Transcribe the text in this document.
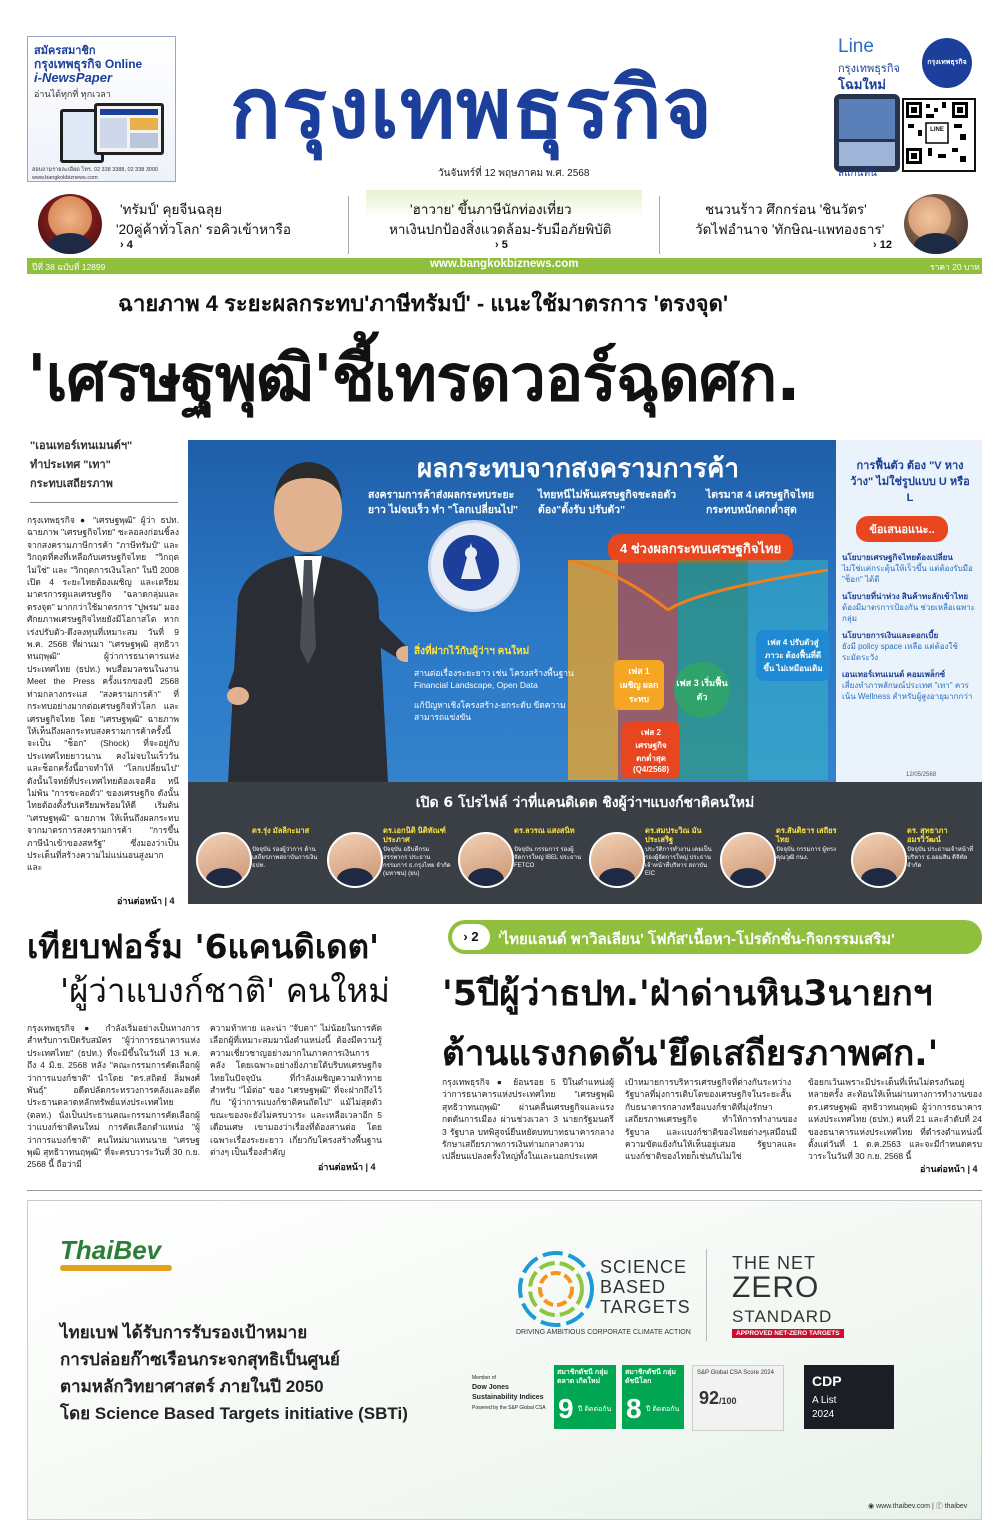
สมัครสมาชิก
กรุงเทพธุรกิจ Online
i-NewsPaper
อ่านได้ทุกที่ ทุกเวลา
สอบถามรายละเอียด โทร. 02 338 3388, 02 338 3000
www.bangkokbiznews.com
กรุงเทพธุรกิจ
วันจันทร์ที่ 12 พฤษภาคม พ.ศ. 2568
Line
กรุงเทพธุรกิจ
โฉมใหม่
กรุงเทพธุรกิจ
LINE
สแกนที่นี่
'ทรัมป์' คุยจีนฉลุย
'20คู่ค้าทั่วโลก' รอคิวเข้าหารือ
› 4
'ฮาวาย' ขึ้นภาษีนักท่องเที่ยว
หาเงินปกป้องสิ่งแวดล้อม-รับมือภัยพิบัติ
› 5
ชนวนร้าว ศึกกร่อน 'ชินวัตร'
วัดไฟอำนาจ 'ทักษิณ-แพทองธาร'
› 12
ปีที่ 38 ฉบับที่ 12899	www.bangkokbiznews.com	ราคา 20 บาท
ฉายภาพ 4 ระยะผลกระทบ'ภาษีทรัมป์' - แนะใช้มาตรการ 'ตรงจุด'
'เศรษฐพุฒิ'ชี้เทรดวอร์ฉุดศก.
"เอนเทอร์เทนเมนต์ฯ"
ทำประเทศ "เทา"
กระทบเสถียรภาพ
กรุงเทพธุรกิจ ● "เศรษฐพุฒิ" ผู้ว่า ธปท. ฉายภาพ "เศรษฐกิจไทย" ชะลอลงก่อนชิ้ลงจากสงครามภาษีการค้า "ภาษีทรัมป์" และวิกฤตที่คงที่เหลือกับเศรษฐกิจไทย "วิกฤตไม่ใช่" และ "วิกฤตการเงินโลก" ในปี 2008 เปิด 4 ระยะไทยต้องเผชิญ และเตรียมมาตรการดูแลเศรษฐกิจ "ฉลาดกลุ่มและตรงจุด" มากกว่าใช้มาตรการ "ปูพรม" มองศักยภาพเศรษฐกิจไทยยังมีโอกาสโต หากเร่งปรับตัว-ดึงลงทุนที่เหมาะสม วันที่ 9 พ.ค. 2568 ที่ผ่านมา "เศรษฐพุฒิ สุทธิวาทนฤพุฒิ" ผู้ว่าการธนาคารแห่งประเทศไทย (ธปท.) พบสื่อมวลชนในงาน Meet the Press ครั้งแรกของปี 2568 ท่ามกลางกระแส "สงครามการค้า" ที่กระทบอย่างมากต่อเศรษฐกิจทั่วโลก และเศรษฐกิจไทย โดย "เศรษฐพุฒิ" ฉายภาพให้เห็นถึงผลกระทบสงครามการค้าครั้งนี้จะเป็น "ช็อก" (Shock) ที่จะอยู่กับประเทศไทยยาวนาน คงไม่จบในเร็ววัน และช็อกครั้งนี้อาจทำให้ "โลกเปลี่ยนไป" ดังนั้นโจทย์ที่ประเทศไทยต้องเจอคือ หนีไม่พ้น "การชะลอตัว" ของเศรษฐกิจ ดังนั้น ไทยต้องตั้งรับเตรียมพร้อมให้ดี เริ่มต้น "เศรษฐพุฒิ" ฉายภาพ ให้เห็นถึงผลกระทบจากมาตรการสงครามการค้า "การขึ้นภาษีนำเข้าของสหรัฐ" ซึ่งมองว่าเป็นประเด็นที่สร้างความไม่แน่นอนสูงมาก และ
อ่านต่อหน้า | 4
ผลกระทบจากสงครามการค้า
สงครามการค้าส่งผลกระทบระยะยาว ไม่จบเร็ว ทำ "โลกเปลี่ยนไป"
ไทยหนีไม่พ้นเศรษฐกิจชะลอตัว ต้อง"ตั้งรับ ปรับตัว"
ไตรมาส 4 เศรษฐกิจไทย กระทบหนักตกต่ำสุด
4 ช่วงผลกระทบเศรษฐกิจไทย
เฟส 1 เผชิญ ผลกระทบ
เฟส 2 เศรษฐกิจ ตกต่ำสุด (Q4/2568)
เฟส 3 เริ่มฟื้นตัว
เฟส 4 ปรับตัวสู่ภาวะ ต้องฟื้นที่ดีขึ้น ไม่เหมือนเดิม
สิ่งที่ฝากไว้กับผู้ว่าฯ คนใหม่
สานต่อเรื่องระยะยาว เช่น โครงสร้างพื้นฐาน Financial Landscape, Open Data
แก้ปัญหาเชิงโครงสร้าง-ยกระดับ ขีดความสามารถแข่งขัน
การฟื้นตัว ต้อง "V หางว้าง" ไม่ใช่รูปแบบ U หรือ L
ข้อเสนอแนะ..
นโยบายเศรษฐกิจไทยต้องเปลี่ยน
ไม่ใช่แค่กระตุ้นให้เร็วขึ้น แต่ต้องรับมือ "ช็อก" ได้ดี
นโยบายที่น่าห่วง สินค้าทะลักเข้าไทย
ต้องมีมาตรการป้องกัน ช่วยเหลือเฉพาะกลุ่ม
นโยบายการเงินและดอกเบี้ย
ยังมี policy space เหลือ แต่ต้องใช้ระมัดระวัง
เอนเทอร์เทนเมนต์ คอมเพล็กซ์
เสี่ยงทำภาพลักษณ์ประเทศ "เทา" ควรเน้น Wellness สำหรับผู้สูงอายุมากกว่า
12/05/2568
เปิด 6 โปรไฟล์ ว่าที่แคนดิเดต ชิงผู้ว่าฯแบงก์ชาติคนใหม่
ดร.รุ่ง มัลลิกะมาส
ปัจจุบัน รองผู้ว่าการ ด้านเสถียรภาพสถาบันการเงิน ธปท.
ดร.เอกนิติ นิติทัณฑ์ประภาศ
ปัจจุบัน อธิบดีกรมสรรพากร ประธานกรรมการ ธ.กรุงไทย จำกัด (มหาชน) (ยบ)
ดร.ลวรณ แสงสนิท
ปัจจุบัน กรรมการ รองผู้จัดการใหญ่ IBEL ประธาน FETCO
ดร.สมประวิณ มันประเสริฐ
ประวัติการทำงาน เคยเป็นรองผู้จัดการใหญ่ ประธานเจ้าหน้าที่บริหาร สถาบัน EIC
ดร.สันติธาร เสถียรไทย
ปัจจุบัน กรรมการ ผู้ทรงคุณวุฒิ กนง.
ดร. สุทธาภา อมรวิวัฒน์
ปัจจุบัน ประธานเจ้าหน้าที่บริหาร ธ.ออมสิน ดิจิทัล จำกัด
เทียบฟอร์ม '6แคนดิเดต'
'ผู้ว่าแบงก์ชาติ' คนใหม่
กรุงเทพธุรกิจ ● กำลังเริ่มอย่างเป็นทางการสำหรับการเปิดรับสมัคร "ผู้ว่าการธนาคารแห่งประเทศไทย" (ธปท.) ที่จะมีขึ้นในวันที่ 13 พ.ค. ถึง 4 มิ.ย. 2568 หลัง "คณะกรรมการคัดเลือกผู้ว่าการแบงก์ชาติ" นำโดย "ดร.สถิตย์ ลิ่มพงศ์พันธุ์" อดีตปลัดกระทรวงการคลังและอดีตประธานตลาดหลักทรัพย์แห่งประเทศไทย (ตลท.) นั่งเป็นประธานคณะกรรมการคัดเลือกผู้ว่าแบงก์ชาติคนใหม่ การคัดเลือกตำแหน่ง "ผู้ว่าการแบงก์ชาติ" คนใหม่มาแทนนาย "เศรษฐพุฒิ สุทธิวาทนฤพุฒิ" ที่จะครบวาระวันที่ 30 ก.ย. 2568 นี้ ถือว่ามี
ความท้าทาย และน่า "จับตา" ไม่น้อยในการคัดเลือกผู้ที่เหมาะสมมานั่งตำแหน่งนี้ ต้องมีความรู้ความเชี่ยวชาญอย่างมากในภาคการเงินการคลัง โดยเฉพาะอย่างยิ่งภายใต้บริบทเศรษฐกิจไทยในปัจจุบัน ที่กำลังเผชิญความท้าทาย สำหรับ "ไม้ต่อ" ของ "เศรษฐพุฒิ" ที่จะฝากถึงไว้กับ "ผู้ว่าการแบงก์ชาติคนถัดไป" แม้ไม่สุดตัวขณะของจะยังไม่ครบวาระ และเหลือเวลาอีก 5 เดือนเศษ เขามองว่าเรื่องที่ต้องสานต่อ โดยเฉพาะเรื่องระยะยาว เกี่ยวกับโครงสร้างพื้นฐานต่างๆ เป็นเรื่องสำคัญ
อ่านต่อหน้า | 4
› 2	'ไทยแลนด์ พาวิลเลียน' โฟกัส'เนื้อหา-โปรดักชั่น-กิจกรรมเสริม'
'5ปีผู้ว่าธปท.'ฝ่าด่านหิน3นายกฯ
ต้านแรงกดดัน'ยึดเสถียรภาพศก.'
กรุงเทพธุรกิจ ● ย้อนรอย 5 ปีในตำแหน่งผู้ว่าการธนาคารแห่งประเทศไทย "เศรษฐพุฒิ สุทธิวาทนฤพุฒิ" ผ่านคลื่นเศรษฐกิจและแรงกดดันการเมือง ผ่านช่วงเวลา 3 นายกรัฐมนตรี 3 รัฐบาล บทพิสูจน์ยืนหยัดบทบาทธนาคารกลาง รักษาเสถียรภาพการเงินท่ามกลางความเปลี่ยนแปลงครั้งใหญ่ทั้งในและนอกประเทศ
เป้าหมายการบริหารเศรษฐกิจที่ต่างกันระหว่างรัฐบาลที่มุ่งการเติบโตของเศรษฐกิจในระยะสั้น กับธนาคารกลางหรือแบงก์ชาติที่มุ่งรักษาเสถียรภาพเศรษฐกิจ ทำให้การทำงานของรัฐบาล และแบงก์ชาติของไทยต่างๆเสมือนมีความขัดแย้งกันให้เห็นอยู่เสมอ รัฐบาลและแบงก์ชาติของไทยก็เช่นกันไม่ใช่
ข้อยกเว้นเพราะมีประเด็นที่เห็นไม่ตรงกันอยู่หลายครั้ง สะท้อนให้เห็นผ่านทางการทำงานของ ดร.เศรษฐพุฒิ สุทธิวาทนฤพุฒิ ผู้ว่าการธนาคารแห่งประเทศไทย (ธปท.) คนที่ 21 และลำดับที่ 24 ของธนาคารแห่งประเทศไทย ที่ดำรงตำแหน่งนี้ตั้งแต่วันที่ 1 ต.ค.2563 และจะมีกำหนดครบวาระในวันที่ 30 ก.ย. 2568 นี้
อ่านต่อหน้า | 4
ThaiBev
ไทยเบฟ ได้รับการรับรองเป้าหมาย
การปล่อยก๊าซเรือนกระจกสุทธิเป็นศูนย์
ตามหลักวิทยาศาสตร์ ภายในปี 2050
โดย Science Based Targets initiative (SBTi)
SCIENCE
BASED
TARGETS
DRIVING AMBITIOUS CORPORATE CLIMATE ACTION
THE NET
ZERO
STANDARD
APPROVED NET-ZERO TARGETS
Member of
Dow Jones
Sustainability Indices
Powered by the S&P Global CSA
สมาชิกดัชนี กลุ่มตลาด เกิดใหม่
9 ปี ติดต่อกัน
สมาชิกดัชนี กลุ่มดัชนีโลก
8 ปี ติดต่อกัน
S&P Global CSA Score 2024
92/100
CDP
A List
2024
◉ www.thaibev.com | ⓕ thaibev
